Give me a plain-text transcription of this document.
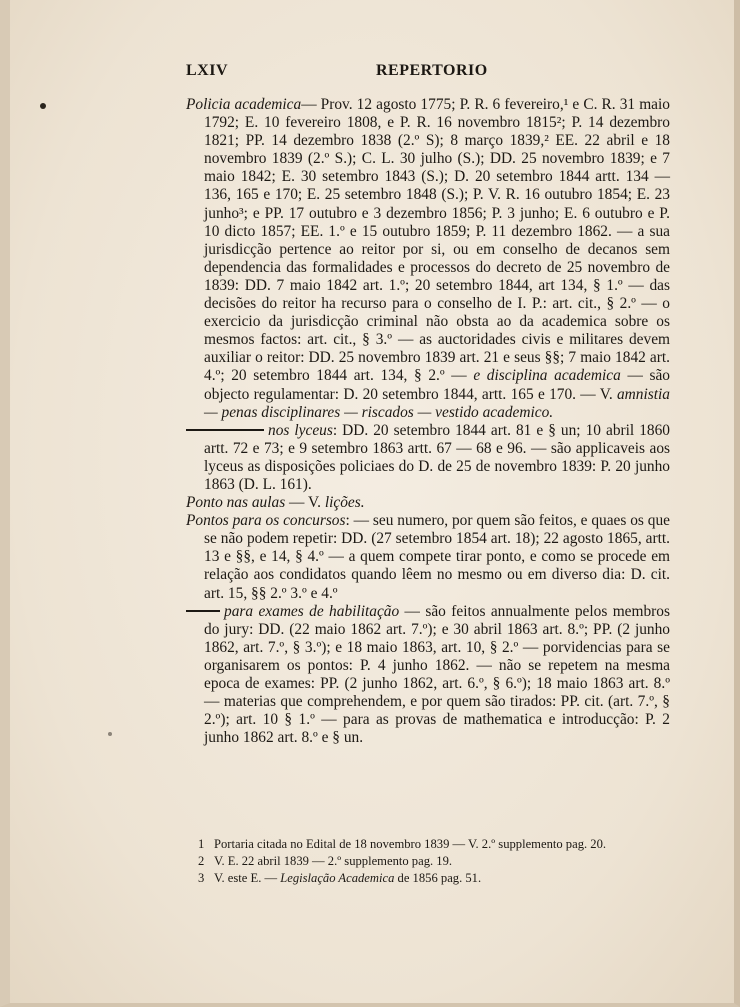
LXIV	REPERTORIO

Policia academica— Prov. 12 agosto 1775; P. R. 6 fevereiro,¹ e C. R. 31 maio 1792; E. 10 fevereiro 1808, e P. R. 16 novembro 1815²; P. 14 dezembro 1821; PP. 14 dezembro 1838 (2.º S); 8 março 1839,² EE. 22 abril e 18 novembro 1839 (2.º S.); C. L. 30 julho (S.); DD. 25 novembro 1839; e 7 maio 1842; E. 30 setembro 1843 (S.); D. 20 setembro 1844 artt. 134 — 136, 165 e 170; E. 25 setembro 1848 (S.); P. V. R. 16 outubro 1854; E. 23 junho³; e PP. 17 outubro e 3 dezembro 1856; P. 3 junho; E. 6 outubro e P. 10 dicto 1857; EE. 1.º e 15 outubro 1859; P. 11 dezembro 1862. — a sua jurisdicção pertence ao reitor por si, ou em conselho de decanos sem dependencia das formalidades e processos do decreto de 25 novembro de 1839: DD. 7 maio 1842 art. 1.º; 20 setembro 1844, art 134, § 1.º — das decisões do reitor ha recurso para o conselho de I. P.: art. cit., § 2.º — o exercicio da jurisdicção criminal não obsta ao da academica sobre os mesmos factos: art. cit., § 3.º — as auctoridades civis e militares devem auxiliar o reitor: DD. 25 novembro 1839 art. 21 e seus §§; 7 maio 1842 art. 4.º; 20 setembro 1844 art. 134, § 2.º — e disciplina academica — são objecto regulamentar: D. 20 setembro 1844, artt. 165 e 170. — V. amnistia — penas disciplinares — riscados — vestido academico.

nos lyceus: DD. 20 setembro 1844 art. 81 e § un; 10 abril 1860 artt. 72 e 73; e 9 setembro 1863 artt. 67 — 68 e 96. — são applicaveis aos lyceus as disposições policiaes do D. de 25 de novembro 1839: P. 20 junho 1863 (D. L. 161).

Ponto nas aulas — V. lições.

Pontos para os concursos: — seu numero, por quem são feitos, e quaes os que se não podem repetir: DD. (27 setembro 1854 art. 18); 22 agosto 1865, artt. 13 e §§, e 14, § 4.º — a quem compete tirar ponto, e como se procede em relação aos condidatos quando lêem no mesmo ou em diverso dia: D. cit. art. 15, §§ 2.º 3.º e 4.º

para exames de habilitação — são feitos annualmente pelos membros do jury: DD. (22 maio 1862 art. 7.º); e 30 abril 1863 art. 8.º; PP. (2 junho 1862, art. 7.º, § 3.º); e 18 maio 1863, art. 10, § 2.º — porvidencias para se organisarem os pontos: P. 4 junho 1862. — não se repetem na mesma epoca de exames: PP. (2 junho 1862, art. 6.º, § 6.º); 18 maio 1863 art. 8.º — materias que comprehendem, e por quem são tirados: PP. cit. (art. 7.º, § 2.º); art. 10 § 1.º — para as provas de mathematica e introducção: P. 2 junho 1862 art. 8.º e § un.

1 Portaria citada no Edital de 18 novembro 1839 — V. 2.º supplemento pag. 20.

2 V. E. 22 abril 1839 — 2.º supplemento pag. 19.

3 V. este E. — Legislação Academica de 1856 pag. 51.
